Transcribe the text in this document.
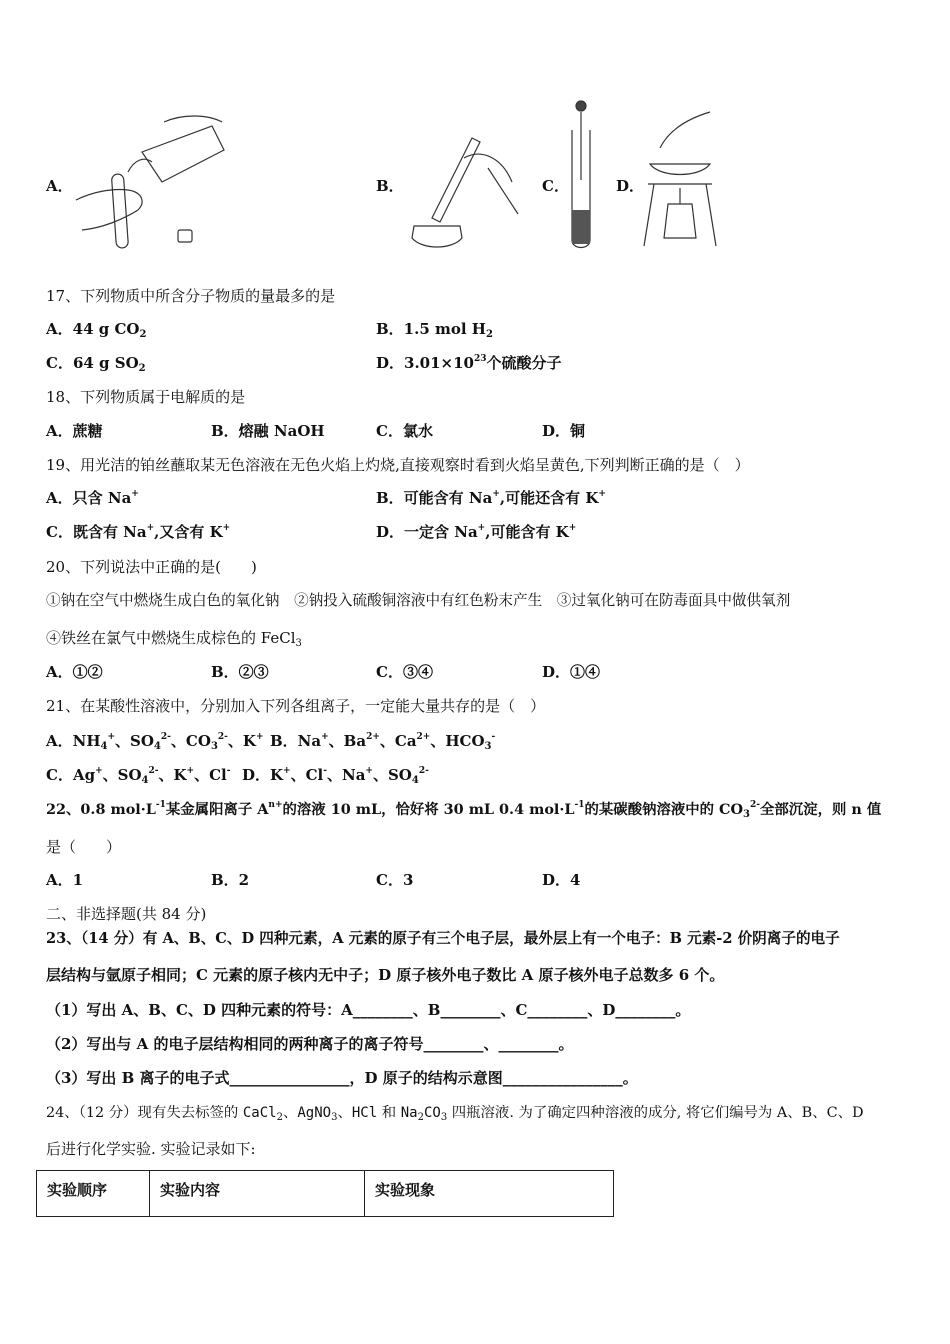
A．	B．	C．	D．
17、下列物质中所含分子物质的量最多的是
A．44 g $CO_2$	B．1.5 mol $H_2$
C．64 g $SO_2$	D．$3.01\times 10^{23}$个硫酸分子
18、下列物质属于电解质的是
A．蔗糖	B．熔融 NaOH	C．氯水	D．铜
19、用光洁的铂丝蘸取某无色溶液在无色火焰上灼烧,直接观察时看到火焰呈黄色,下列判断正确的是（　）
A．只含 Na+	B．可能含有 Na+,可能还含有 K+
C．既含有 Na+,又含有 K+	D．一定含 Na+,可能含有 K+
20、下列说法中正确的是(　　)
①钠在空气中燃烧生成白色的氧化钠　②钠投入硫酸铜溶液中有红色粉末产生　③过氧化钠可在防毒面具中做供氧剂
④铁丝在氯气中燃烧生成棕色的 FeCl$_3$
A．①②	B．②③	C．③④	D．①④
21、在某酸性溶液中，分别加入下列各组离子，一定能大量共存的是（　）
A．$NH_4^+$、$SO_4^{2-}$、$CO_3^{2-}$、K+ B．Na+、$Ba^{2+}$、$Ca^{2+}$、$HCO_3^-$
C．Ag+、$SO_4^{2-}$、K+、Cl- D．K+、Cl-、Na+、$SO_4^{2-}$
22、0.8 $mol\cdot L^{-1}$某金属阳离子 $A^{n+}$的溶液 10 mL，恰好将 30 mL 0.4 $mol\cdot L^{-1}$的某碳酸钠溶液中的 $CO_3^{2-}$全部沉淀，则 n 值
是（　　）
A．1	B．2	C．3	D．4
二、非选择题(共 84 分)
23、（14 分）有 A、B、C、D 四种元素，A 元素的原子有三个电子层，最外层上有一个电子：B 元素-2 价阴离子的电子
层结构与氩原子相同；C 元素的原子核内无中子；D 原子核外电子数比 A 原子核外电子总数多 6 个。
（1）写出 A、B、C、D 四种元素的符号：A________、B________、C________、D________。
（2）写出与 A 的电子层结构相同的两种离子的离子符号________、________。
（3）写出 B 离子的电子式________________，D 原子的结构示意图________________。
24、（12 分）现有失去标签的 CaCl$_2$、AgNO$_3$、HCl 和 $Na_2CO_3$ 四瓶溶液. 为了确定四种溶液的成分, 将它们编号为 A、B、C、D
后进行化学实验. 实验记录如下:
实验顺序	实验内容	实验现象
